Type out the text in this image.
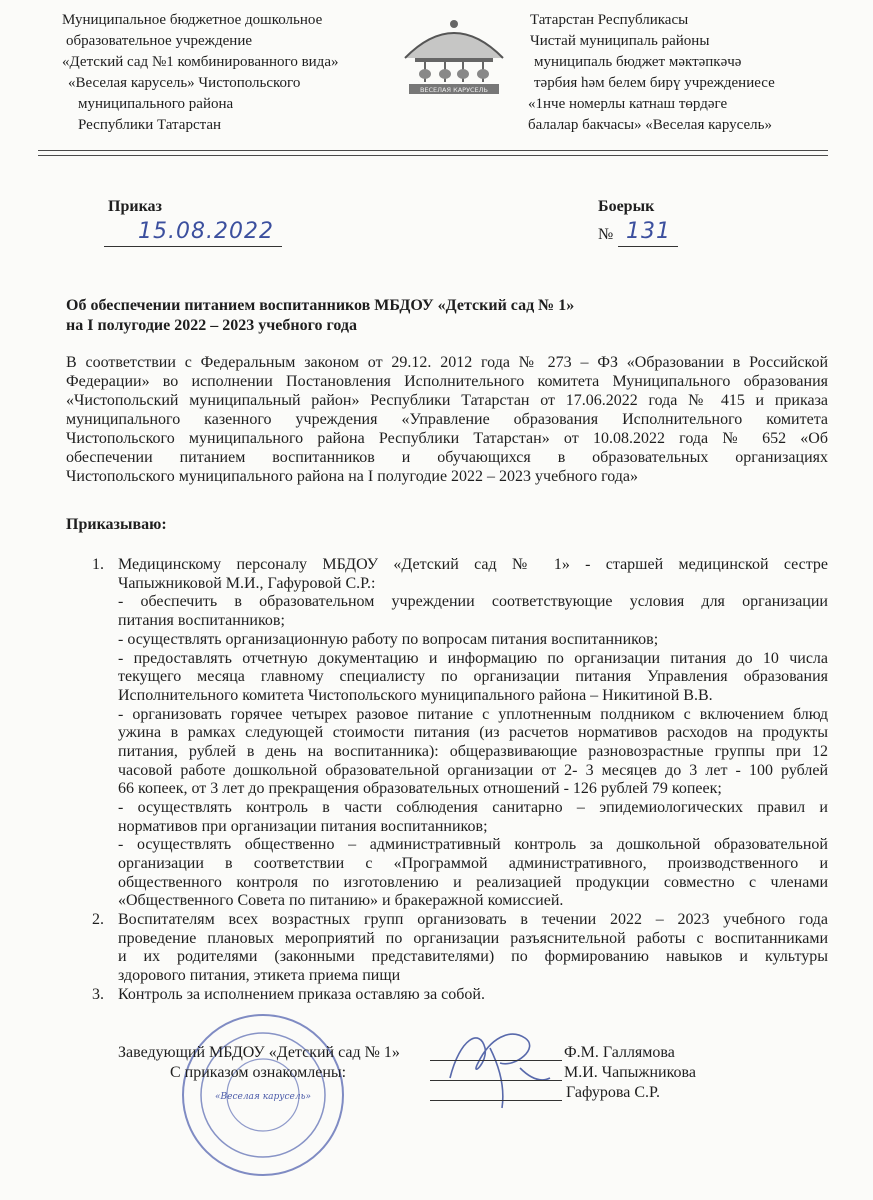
Муниципальное бюджетное дошкольное
образовательное учреждение
«Детский сад №1 комбинированного вида»
«Веселая карусель» Чистопольского
муниципального района
Республики Татарстан
ВЕСЕЛАЯ КАРУСЕЛЬ
Татарстан Республикасы
Чистай муниципаль районы
муниципаль бюджет мәктәпкәчә
тәрбия һәм белем бирү учреждениесе
«1нче номерлы катнаш төрдәге
балалар бакчасы» «Веселая карусель»
Приказ	Боерык
15.08.2022	№ 131
Об обеспечении питанием воспитанников МБДОУ «Детский сад № 1»
на I полугодие 2022 – 2023 учебного года
В соответствии с Федеральным законом от 29.12. 2012 года № 273 – ФЗ «Образовании в Российской
Федерации» во исполнении Постановления Исполнительного комитета Муниципального образования
«Чистопольский муниципальный район» Республики Татарстан от 17.06.2022 года № 415 и приказа
муниципального казенного учреждения «Управление образования Исполнительного комитета
Чистопольского муниципального района Республики Татарстан» от 10.08.2022 года № 652 «Об
обеспечении питанием воспитанников и обучающихся в образовательных организациях
Чистопольского муниципального района на I полугодие 2022 – 2023 учебного года»
Приказываю:
1. Медицинскому персоналу МБДОУ «Детский сад № 1» - старшей медицинской сестре
Чапыжниковой М.И., Гафуровой С.Р.:
- обеспечить в образовательном учреждении соответствующие условия для организации
питания воспитанников;
- осуществлять организационную работу по вопросам питания воспитанников;
- предоставлять отчетную документацию и информацию по организации питания до 10 числа
текущего месяца главному специалисту по организации питания Управления образования
Исполнительного комитета Чистопольского муниципального района – Никитиной В.В.
- организовать горячее четырех разовое питание с уплотненным полдником с включением блюд
ужина в рамках следующей стоимости питания (из расчетов нормативов расходов на продукты
питания, рублей в день на воспитанника): общеразвивающие разновозрастные группы при 12
часовой работе дошкольной образовательной организации от 2- 3 месяцев до 3 лет - 100 рублей
66 копеек, от 3 лет до прекращения образовательных отношений - 126 рублей 79 копеек;
- осуществлять контроль в части соблюдения санитарно – эпидемиологических правил и
нормативов при организации питания воспитанников;
- осуществлять общественно – административный контроль за дошкольной образовательной
организации в соответствии с «Программой административного, производственного и
общественного контроля по изготовлению и реализацией продукции совместно с членами
«Общественного Совета по питанию» и бракеражной комиссией.
2. Воспитателям всех возрастных групп организовать в течении 2022 – 2023 учебного года
проведение плановых мероприятий по организации разъяснительной работы с воспитанниками
и их родителями (законными представителями) по формированию навыков и культуры
здорового питания, этикета приема пищи
3. Контроль за исполнением приказа оставляю за собой.
«Веселая карусель»
Заведующий МБДОУ «Детский сад № 1»	Ф.М. Галлямова
С приказом ознакомлены:	М.И. Чапыжникова
Гафурова С.Р.
